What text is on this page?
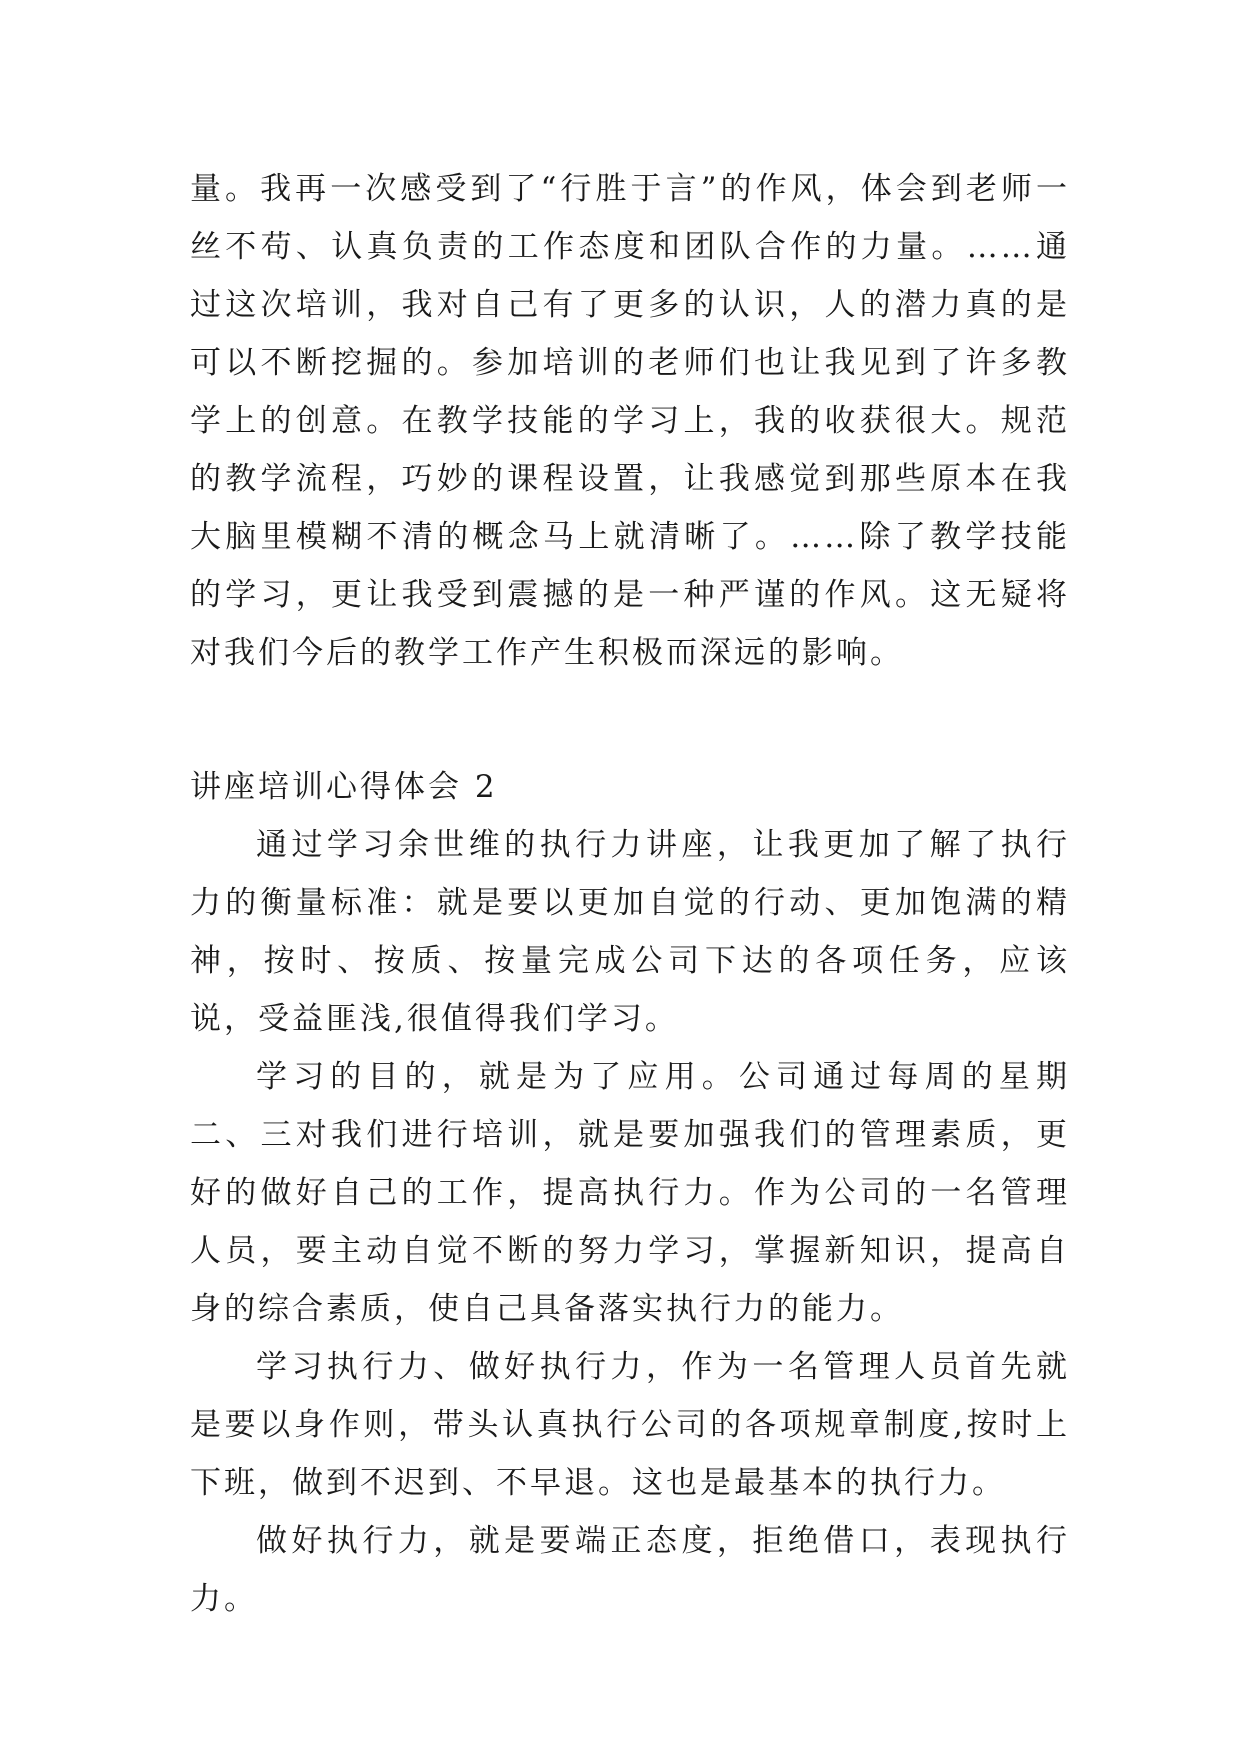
量。我再一次感受到了“行胜于言”的作风，体会到老师一丝不苟、认真负责的工作态度和团队合作的力量。……通过这次培训，我对自己有了更多的认识，人的潜力真的是可以不断挖掘的。参加培训的老师们也让我见到了许多教学上的创意。在教学技能的学习上，我的收获很大。规范的教学流程，巧妙的课程设置，让我感觉到那些原本在我大脑里模糊不清的概念马上就清晰了。……除了教学技能的学习，更让我受到震撼的是一种严谨的作风。这无疑将对我们今后的教学工作产生积极而深远的影响。

讲座培训心得体会 2

通过学习余世维的执行力讲座，让我更加了解了执行力的衡量标准：就是要以更加自觉的行动、更加饱满的精神，按时、按质、按量完成公司下达的各项任务，应该说，受益匪浅,很值得我们学习。

学习的目的，就是为了应用。公司通过每周的星期二、三对我们进行培训，就是要加强我们的管理素质，更好的做好自己的工作，提高执行力。作为公司的一名管理人员，要主动自觉不断的努力学习，掌握新知识，提高自身的综合素质，使自己具备落实执行力的能力。

学习执行力、做好执行力，作为一名管理人员首先就是要以身作则，带头认真执行公司的各项规章制度,按时上下班，做到不迟到、不早退。这也是最基本的执行力。

做好执行力，就是要端正态度，拒绝借口，表现执行力。
